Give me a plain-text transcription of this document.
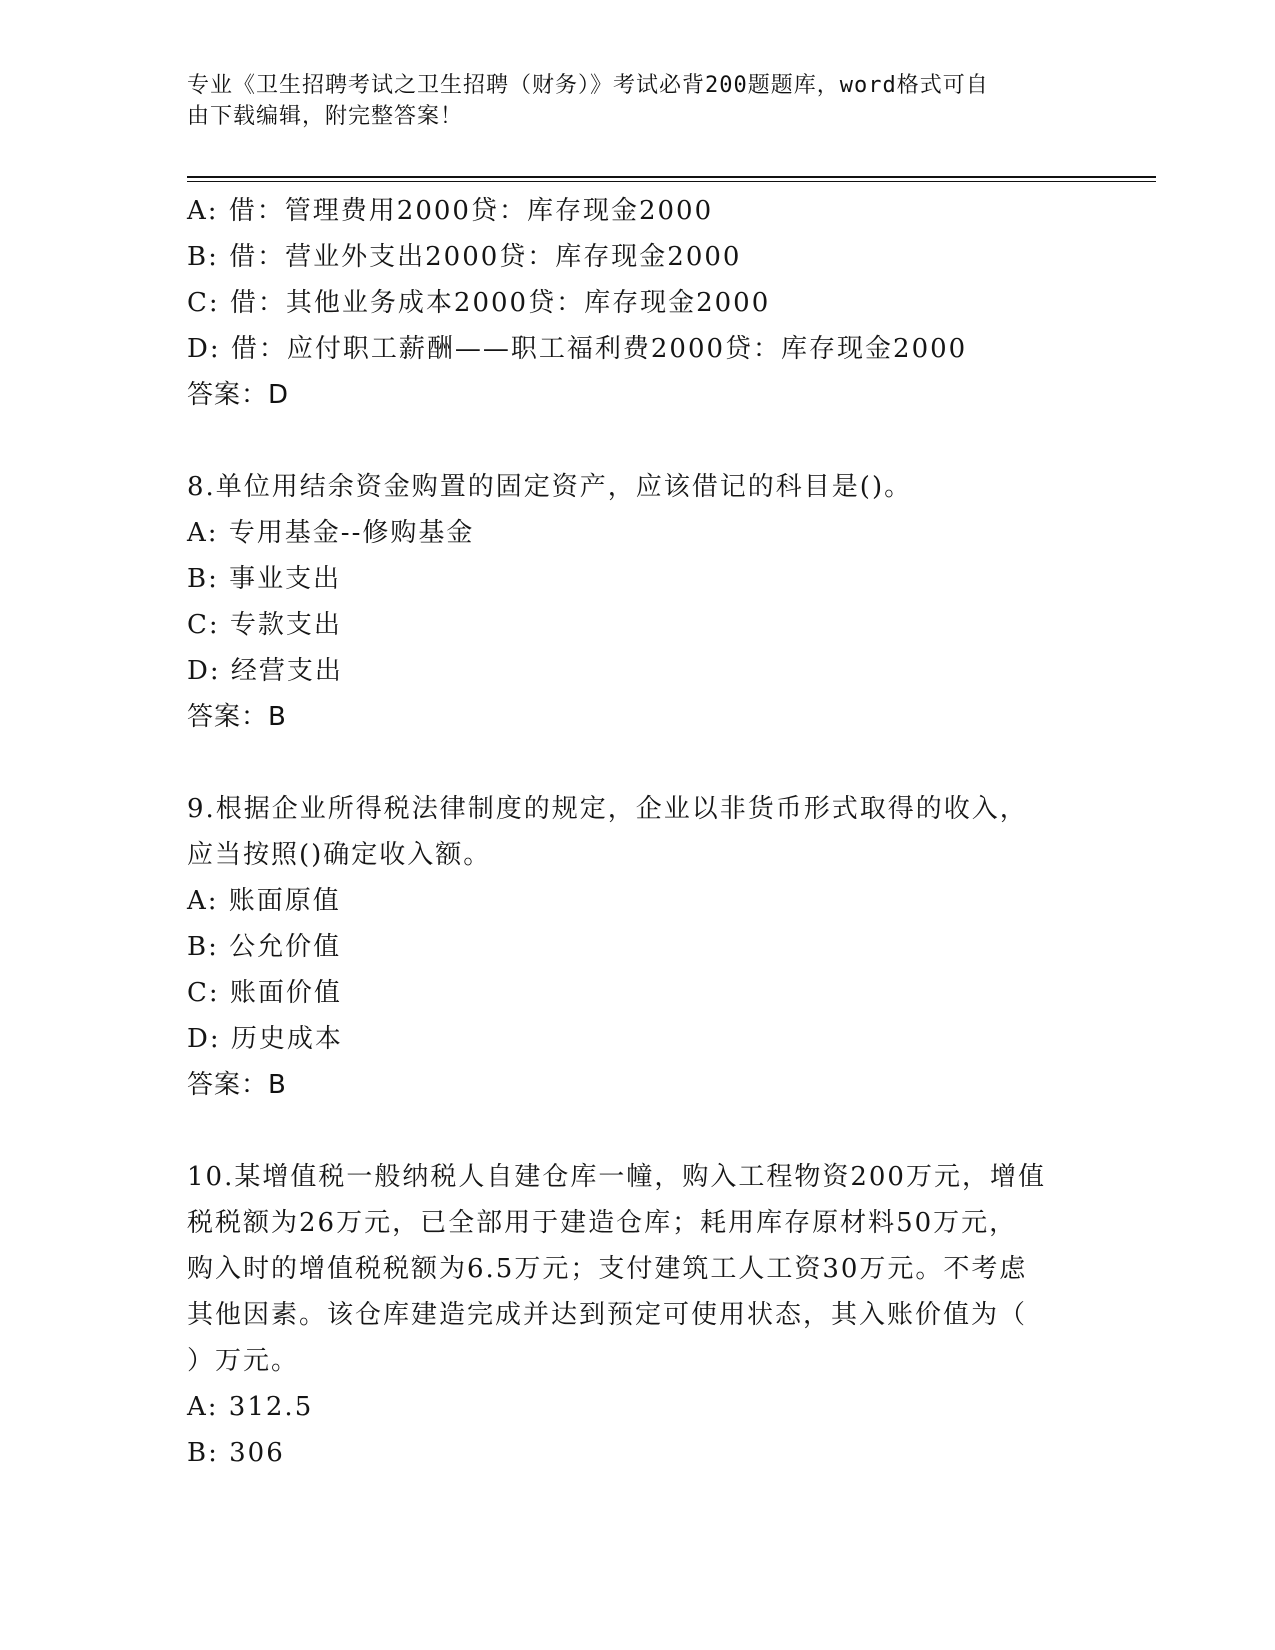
专业《卫生招聘考试之卫生招聘（财务）》考试必背200题题库，word格式可自
由下载编辑，附完整答案！
A: 借：管理费用2000贷：库存现金2000
B: 借：营业外支出2000贷：库存现金2000
C: 借：其他业务成本2000贷：库存现金2000
D: 借：应付职工薪酬——职工福利费2000贷：库存现金2000
答案：D
8.单位用结余资金购置的固定资产，应该借记的科目是()。
A: 专用基金--修购基金
B: 事业支出
C: 专款支出
D: 经营支出
答案：B
9.根据企业所得税法律制度的规定，企业以非货币形式取得的收入，
应当按照()确定收入额。
A: 账面原值
B: 公允价值
C: 账面价值
D: 历史成本
答案：B
10.某增值税一般纳税人自建仓库一幢，购入工程物资200万元，增值
税税额为26万元，已全部用于建造仓库；耗用库存原材料50万元，
购入时的增值税税额为6.5万元；支付建筑工人工资30万元。不考虑
其他因素。该仓库建造完成并达到预定可使用状态，其入账价值为（
）万元。
A: 312.5
B: 306
